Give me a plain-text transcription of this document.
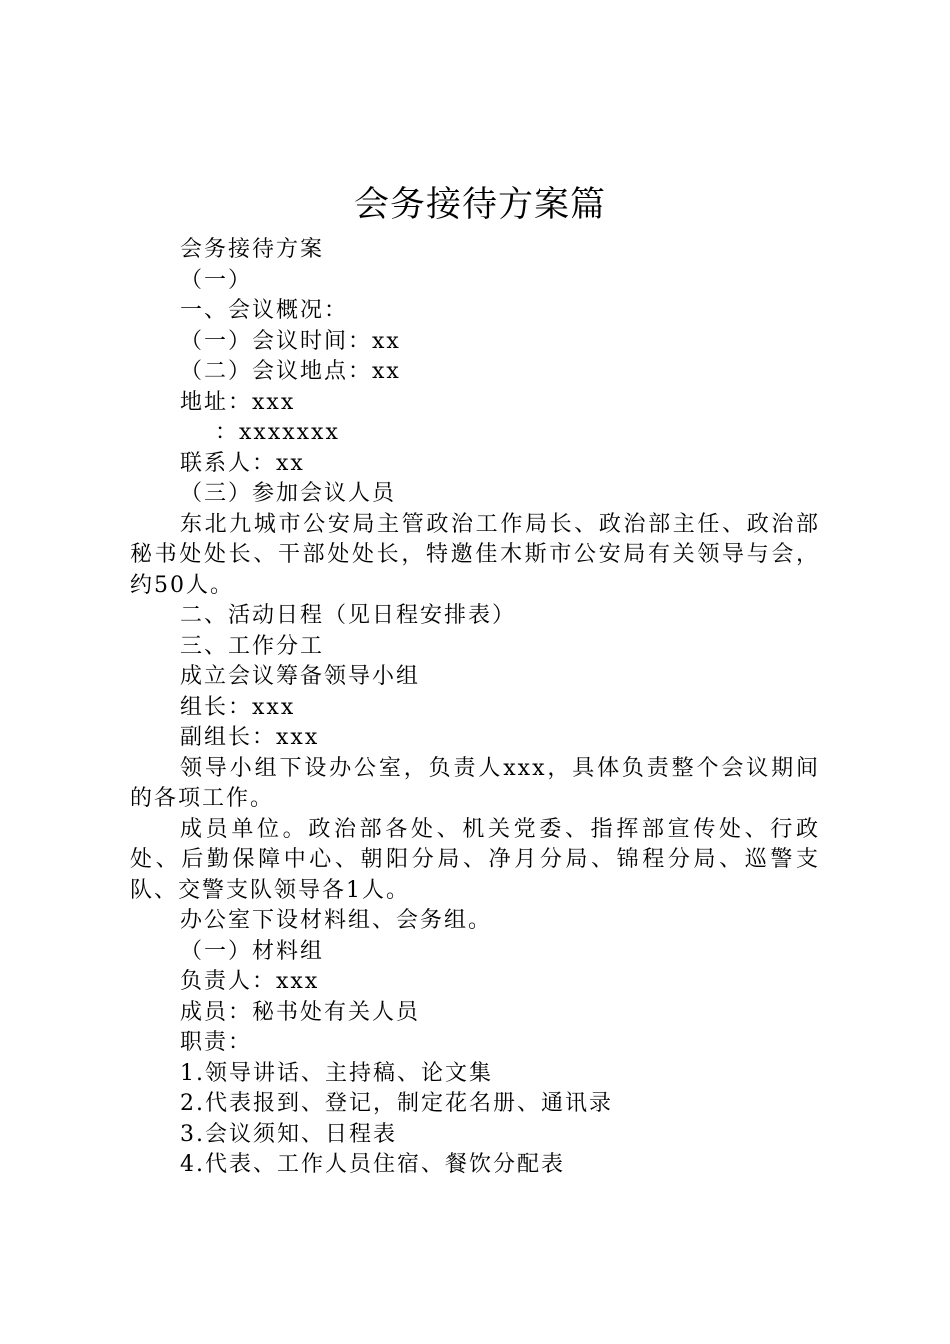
会务接待方案篇

会务接待方案

（一）

一、会议概况：

（一）会议时间：xx

（二）会议地点：xx

地址：xxx

：xxxxxxx

联系人：xx

（三）参加会议人员

东北九城市公安局主管政治工作局长、政治部主任、政治部秘书处处长、干部处处长，特邀佳木斯市公安局有关领导与会，约50人。

二、活动日程（见日程安排表）

三、工作分工

成立会议筹备领导小组

组长：xxx

副组长：xxx

领导小组下设办公室，负责人xxx，具体负责整个会议期间的各项工作。

成员单位。政治部各处、机关党委、指挥部宣传处、行政处、后勤保障中心、朝阳分局、净月分局、锦程分局、巡警支队、交警支队领导各1人。

办公室下设材料组、会务组。

（一）材料组

负责人：xxx

成员：秘书处有关人员

职责：

1.领导讲话、主持稿、论文集

2.代表报到、登记，制定花名册、通讯录

3.会议须知、日程表

4.代表、工作人员住宿、餐饮分配表
